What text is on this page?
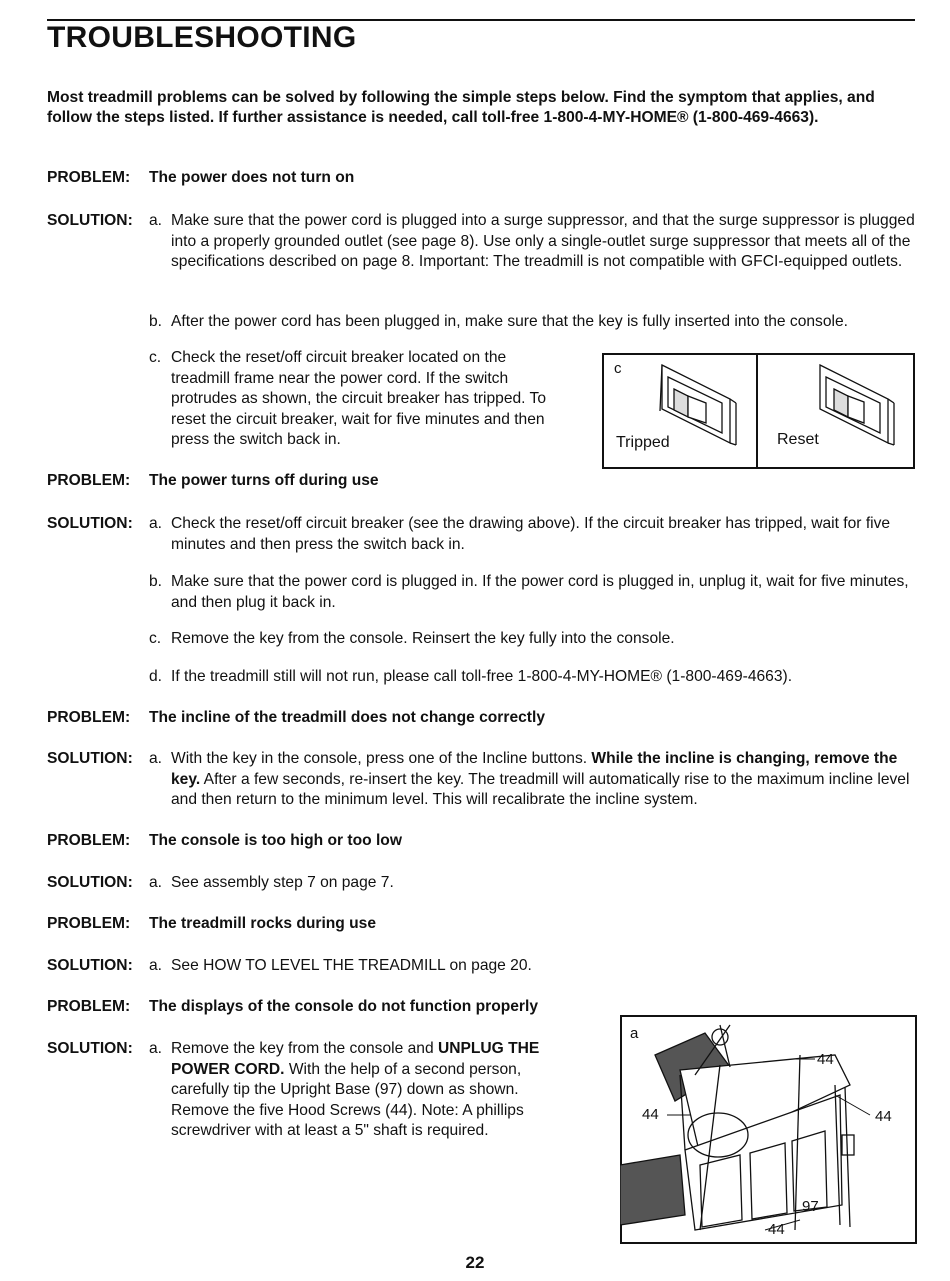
TROUBLESHOOTING
Most treadmill problems can be solved by following the simple steps below. Find the symptom that applies, and follow the steps listed. If further assistance is needed, call toll-free 1-800-4-MY-HOME® (1-800-469-4663).
PROBLEM: The power does not turn on
SOLUTION: a. Make sure that the power cord is plugged into a surge suppressor, and that the surge suppressor is plugged into a properly grounded outlet (see page 8). Use only a single-outlet surge suppressor that meets all of the specifications described on page 8. Important: The treadmill is not compatible with GFCI-equipped outlets.
b. After the power cord has been plugged in, make sure that the key is fully inserted into the console.
c. Check the reset/off circuit breaker located on the treadmill frame near the power cord. If the switch protrudes as shown, the circuit breaker has tripped. To reset the circuit breaker, wait for five minutes and then press the switch back in.
c
Tripped	Reset
PROBLEM: The power turns off during use
SOLUTION: a. Check the reset/off circuit breaker (see the drawing above). If the circuit breaker has tripped, wait for five minutes and then press the switch back in.
b. Make sure that the power cord is plugged in. If the power cord is plugged in, unplug it, wait for five minutes, and then plug it back in.
c. Remove the key from the console. Reinsert the key fully into the console.
d. If the treadmill still will not run, please call toll-free 1-800-4-MY-HOME® (1-800-469-4663).
PROBLEM: The incline of the treadmill does not change correctly
SOLUTION: a. With the key in the console, press one of the Incline buttons. While the incline is changing, remove the key. After a few seconds, re-insert the key. The treadmill will automatically rise to the maximum incline level and then return to the minimum level. This will recalibrate the incline system.
PROBLEM: The console is too high or too low
SOLUTION: a. See assembly step 7 on page 7.
PROBLEM: The treadmill rocks during use
SOLUTION: a. See HOW TO LEVEL THE TREADMILL on page 20.
PROBLEM: The displays of the console do not function properly
SOLUTION: a. Remove the key from the console and UNPLUG THE POWER CORD. With the help of a second person, carefully tip the Upright Base (97) down as shown. Remove the five Hood Screws (44). Note: A phillips screwdriver with at least a 5" shaft is required.
a
44
44	44
97
44
22
